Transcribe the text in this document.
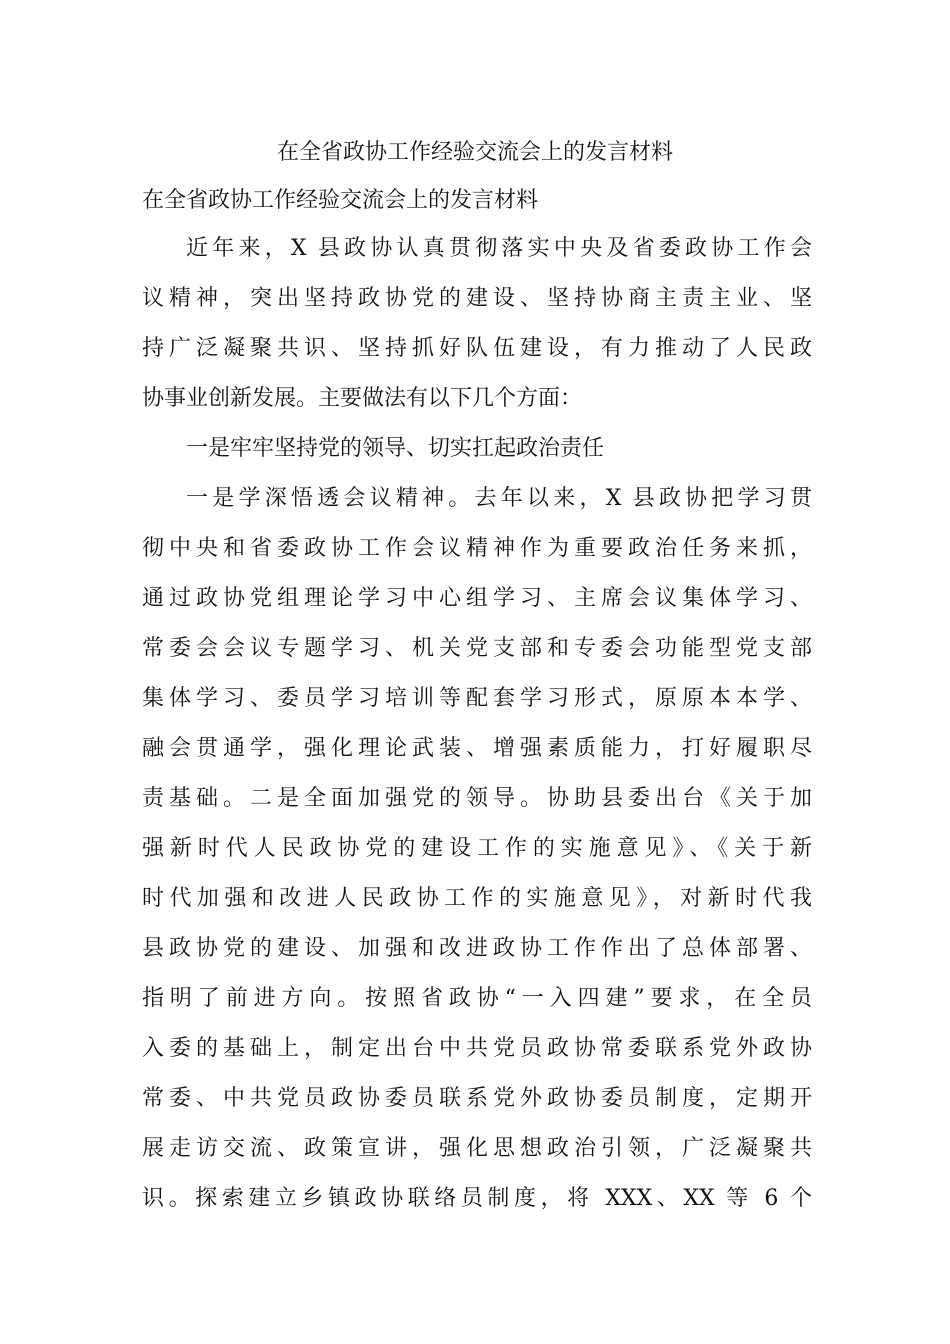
在全省政协工作经验交流会上的发言材料
在全省政协工作经验交流会上的发言材料
近年来，X 县政协认真贯彻落实中央及省委政协工作会
议精神，突出坚持政协党的建设、坚持协商主责主业、坚
持广泛凝聚共识、坚持抓好队伍建设，有力推动了人民政
协事业创新发展。主要做法有以下几个方面：
一是牢牢坚持党的领导、切实扛起政治责任
一是学深悟透会议精神。去年以来，X 县政协把学习贯
彻中央和省委政协工作会议精神作为重要政治任务来抓，
通过政协党组理论学习中心组学习、主席会议集体学习、
常委会会议专题学习、机关党支部和专委会功能型党支部
集体学习、委员学习培训等配套学习形式，原原本本学、
融会贯通学，强化理论武装、增强素质能力，打好履职尽
责基础。二是全面加强党的领导。协助县委出台《关于加
强新时代人民政协党的建设工作的实施意见》、《关于新
时代加强和改进人民政协工作的实施意见》，对新时代我
县政协党的建设、加强和改进政协工作作出了总体部署、
指明了前进方向。按照省政协“一入四建”要求，在全员
入委的基础上，制定出台中共党员政协常委联系党外政协
常委、中共党员政协委员联系党外政协委员制度，定期开
展走访交流、政策宣讲，强化思想政治引领，广泛凝聚共
识。探索建立乡镇政协联络员制度，将 XXX、XX 等 6 个
